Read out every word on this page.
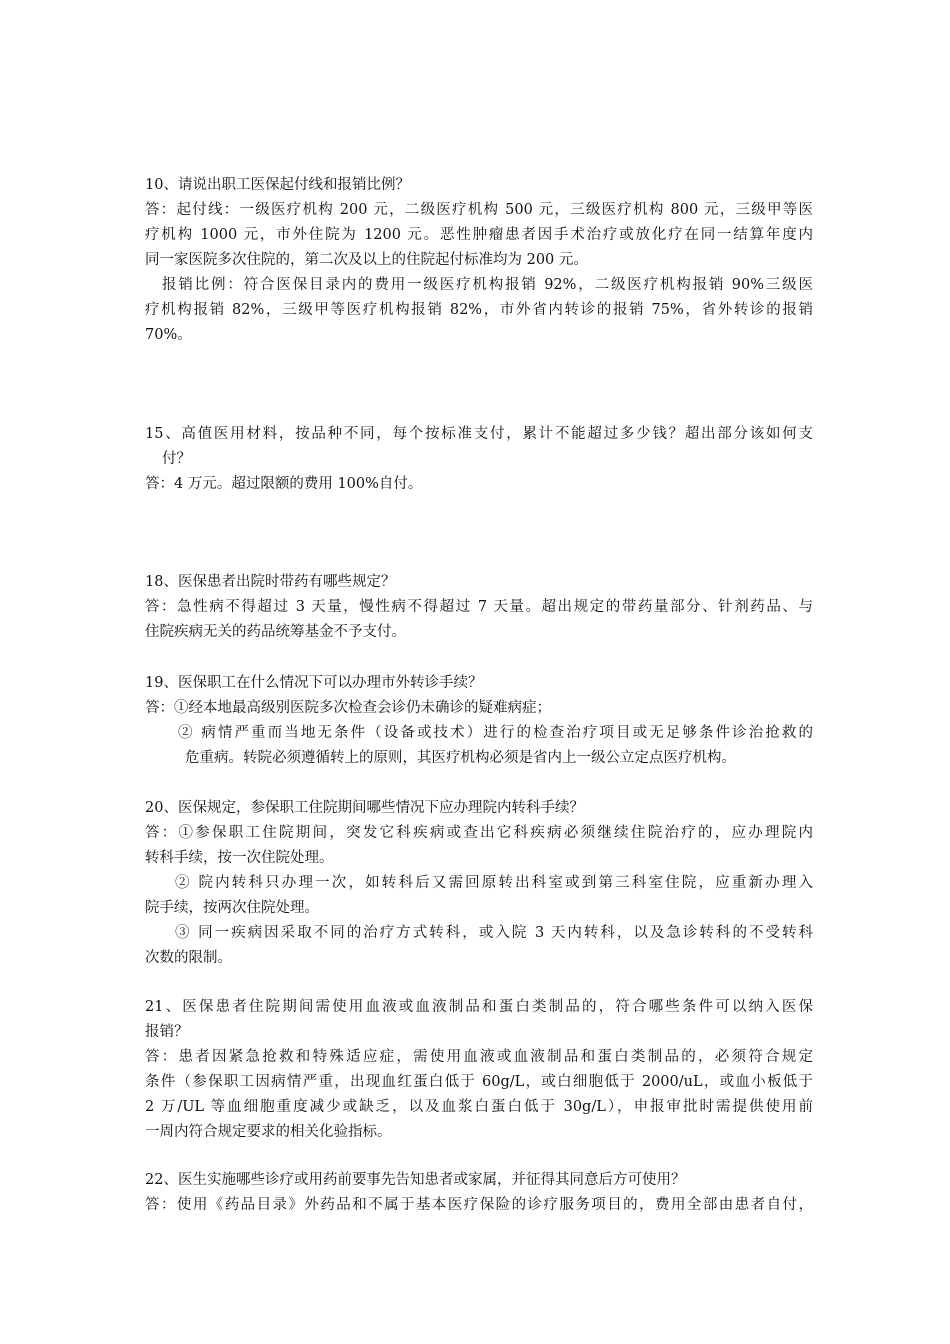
10、请说出职工医保起付线和报销比例？
答：起付线：一级医疗机构 200 元，二级医疗机构 500 元，三级医疗机构 800 元，三级甲等医
疗机构 1000 元，市外住院为 1200 元。恶性肿瘤患者因手术治疗或放化疗在同一结算年度内
同一家医院多次住院的，第二次及以上的住院起付标准均为 200 元。
报销比例：符合医保目录内的费用一级医疗机构报销 92%，二级医疗机构报销 90%三级医
疗机构报销 82%，三级甲等医疗机构报销 82%，市外省内转诊的报销 75%，省外转诊的报销
70%。
15、高值医用材料，按品种不同，每个按标准支付，累计不能超过多少钱？超出部分该如何支
付？
答：4 万元。超过限额的费用 100%自付。
18、医保患者出院时带药有哪些规定？
答：急性病不得超过 3 天量，慢性病不得超过 7 天量。超出规定的带药量部分、针剂药品、与
住院疾病无关的药品统筹基金不予支付。
19、医保职工在什么情况下可以办理市外转诊手续？
答：①经本地最高级别医院多次检查会诊仍未确诊的疑难病症；
② 病情严重而当地无条件（设备或技术）进行的检查治疗项目或无足够条件诊治抢救的
危重病。转院必须遵循转上的原则，其医疗机构必须是省内上一级公立定点医疗机构。
20、医保规定，参保职工住院期间哪些情况下应办理院内转科手续？
答：①参保职工住院期间，突发它科疾病或查出它科疾病必须继续住院治疗的，应办理院内
转科手续，按一次住院处理。
② 院内转科只办理一次，如转科后又需回原转出科室或到第三科室住院，应重新办理入
院手续，按两次住院处理。
③ 同一疾病因采取不同的治疗方式转科，或入院 3 天内转科，以及急诊转科的不受转科
次数的限制。
21、医保患者住院期间需使用血液或血液制品和蛋白类制品的，符合哪些条件可以纳入医保
报销？
答：患者因紧急抢救和特殊适应症，需使用血液或血液制品和蛋白类制品的，必须符合规定
条件（参保职工因病情严重，出现血红蛋白低于 60g/L，或白细胞低于 2000/uL，或血小板低于
2 万/UL 等血细胞重度减少或缺乏，以及血浆白蛋白低于 30g/L），申报审批时需提供使用前
一周内符合规定要求的相关化验指标。
22、医生实施哪些诊疗或用药前要事先告知患者或家属，并征得其同意后方可使用？
答：使用《药品目录》外药品和不属于基本医疗保险的诊疗服务项目的，费用全部由患者自付，
